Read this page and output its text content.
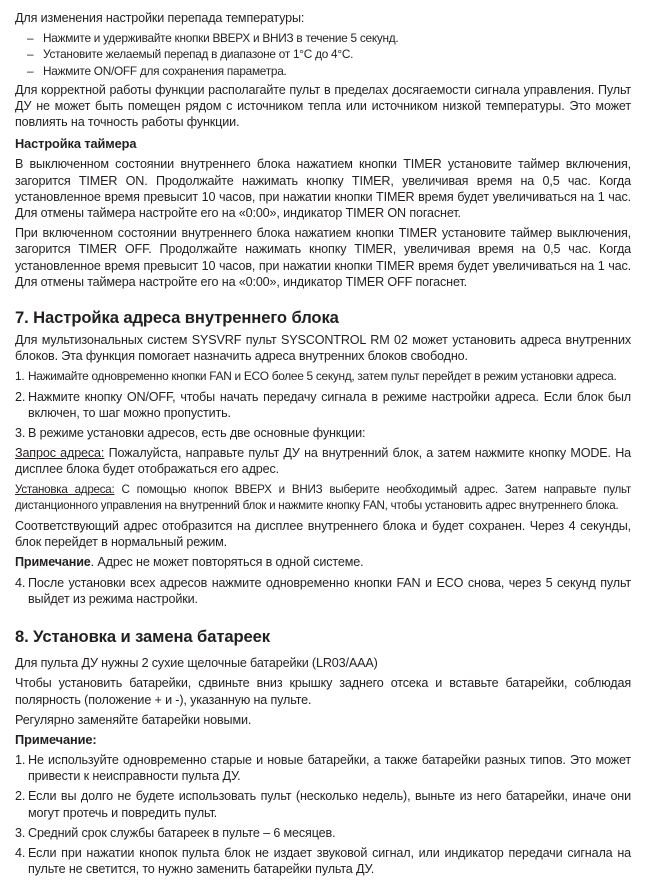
Для изменения настройки перепада температуры:

– Нажмите и удерживайте кнопки ВВЕРХ и ВНИЗ в течение 5 секунд.
– Установите желаемый перепад в диапазоне от 1°C до 4°C.
– Нажмите ON/OFF для сохранения параметра.

Для корректной работы функции располагайте пульт в пределах досягаемости сигнала управления. Пульт ДУ не может быть помещен рядом с источником тепла или источником низкой температуры. Это может повлиять на точность работы функции.

Настройка таймера

В выключенном состоянии внутреннего блока нажатием кнопки TIMER установите таймер включения, загорится TIMER ON. Продолжайте нажимать кнопку TIMER, увеличивая время на 0,5 час. Когда установленное время превысит 10 часов, при нажатии кнопки TIMER время будет увеличиваться на 1 час. Для отмены таймера настройте его на «0:00», индикатор TIMER ON погаснет.

При включенном состоянии внутреннего блока нажатием кнопки TIMER установите таймер выключения, загорится TIMER OFF. Продолжайте нажимать кнопку TIMER, увеличивая время на 0,5 час. Когда установленное время превысит 10 часов, при нажатии кнопки TIMER время будет увеличиваться на 1 час. Для отмены таймера настройте его на «0:00», индикатор TIMER OFF погаснет.

7. Настройка адреса внутреннего блока

Для мультизональных систем SYSVRF пульт SYSCONTROL RM 02 может установить адреса внутренних блоков. Эта функция помогает назначить адреса внутренних блоков свободно.

1. Нажимайте одновременно кнопки FAN и ECO более 5 секунд, затем пульт перейдет в режим установки адреса.
2. Нажмите кнопку ON/OFF, чтобы начать передачу сигнала в режиме настройки адреса. Если блок был включен, то шаг можно пропустить.
3. В режиме установки адресов, есть две основные функции:

Запрос адреса: Пожалуйста, направьте пульт ДУ на внутренний блок, а затем нажмите кнопку MODE. На дисплее блока будет отображаться его адрес.

Установка адреса: С помощью кнопок ВВЕРХ и ВНИЗ выберите необходимый адрес. Затем направьте пульт дистанционного управления на внутренний блок и нажмите кнопку FAN, чтобы установить адрес внутреннего блока.

Соответствующий адрес отобразится на дисплее внутреннего блока и будет сохранен. Через 4 секунды, блок перейдет в нормальный режим.

Примечание. Адрес не может повторяться в одной системе.

4. После установки всех адресов нажмите одновременно кнопки FAN и ECO снова, через 5 секунд пульт выйдет из режима настройки.
8. Установка и замена батареек

Для пульта ДУ нужны 2 сухие щелочные батарейки (LR03/AAA)

Чтобы установить батарейки, сдвиньте вниз крышку заднего отсека и вставьте батарейки, соблюдая полярность (положение + и -), указанную на пульте.

Регулярно заменяйте батарейки новыми.

Примечание:
1. Не используйте одновременно старые и новые батарейки, а также батарейки разных типов. Это может привести к неисправности пульта ДУ.
2. Если вы долго не будете использовать пульт (несколько недель), выньте из него батарейки, иначе они могут протечь и повредить пульт.
3. Средний срок службы батареек в пульте – 6 месяцев.
4. Если при нажатии кнопок пульта блок не издает звуковой сигнал, или индикатор передачи сигнала на пульте не светится, то нужно заменить батарейки пульта ДУ.
